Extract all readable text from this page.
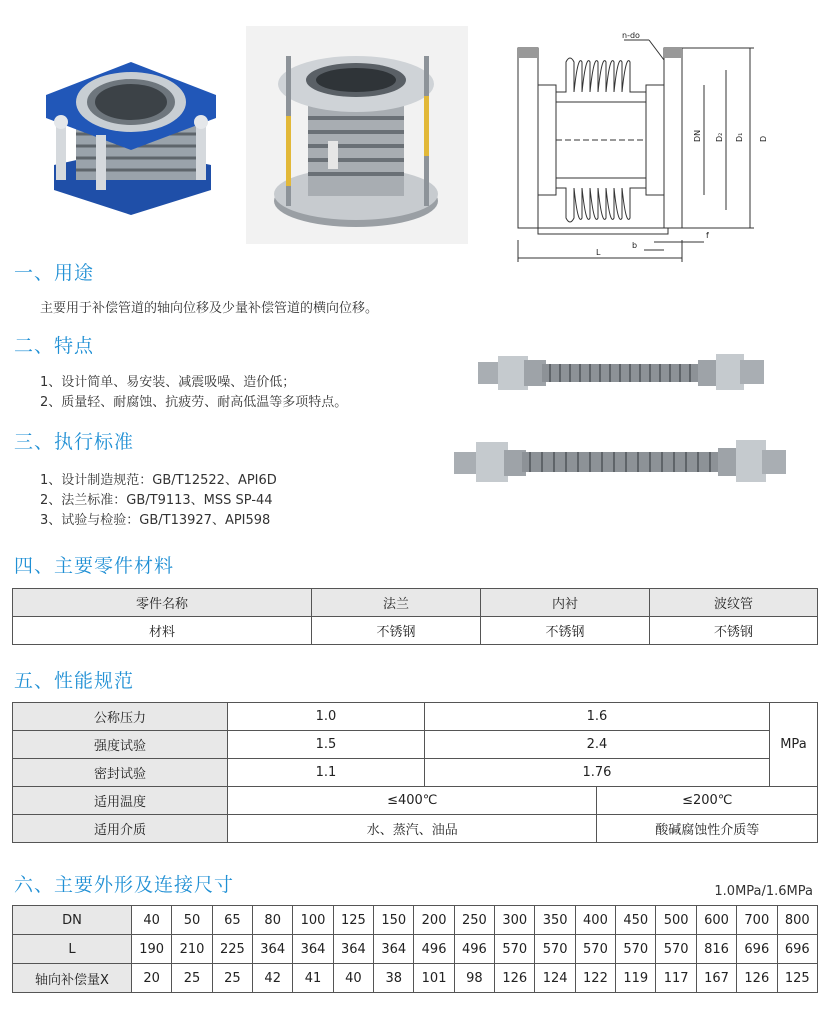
n-do
DN D₂ D₁ D
f
b
L
一、用途
主要用于补偿管道的轴向位移及少量补偿管道的横向位移。
二、特点
1、设计简单、易安装、减震吸噪、造价低；
2、质量轻、耐腐蚀、抗疲劳、耐高低温等多项特点。
三、执行标准
1、设计制造规范：GB/T12522、API6D
2、法兰标准：GB/T9113、MSS SP-44
3、试验与检验：GB/T13927、API598
四、主要零件材料
零件名称	法兰	内衬	波纹管
材料	不锈钢	不锈钢	不锈钢
五、性能规范
公称压力	1.0	1.6		MPa
强度试验	1.5	2.4		
密封试验	1.1	1.76		
适用温度	≤400℃		≤200℃	
适用介质	水、蒸汽、油品		酸碱腐蚀性介质等	
六、主要外形及连接尺寸	1.0MPa/1.6MPa
DN	40	50	65	80	100	125	150	200	250	300	350	400	450	500	600	700	800
L	190	210	225	364	364	364	364	496	496	570	570	570	570	570	816	696	696
轴向补偿量X	20	25	25	42	41	40	38	101	98	126	124	122	119	117	167	126	125
